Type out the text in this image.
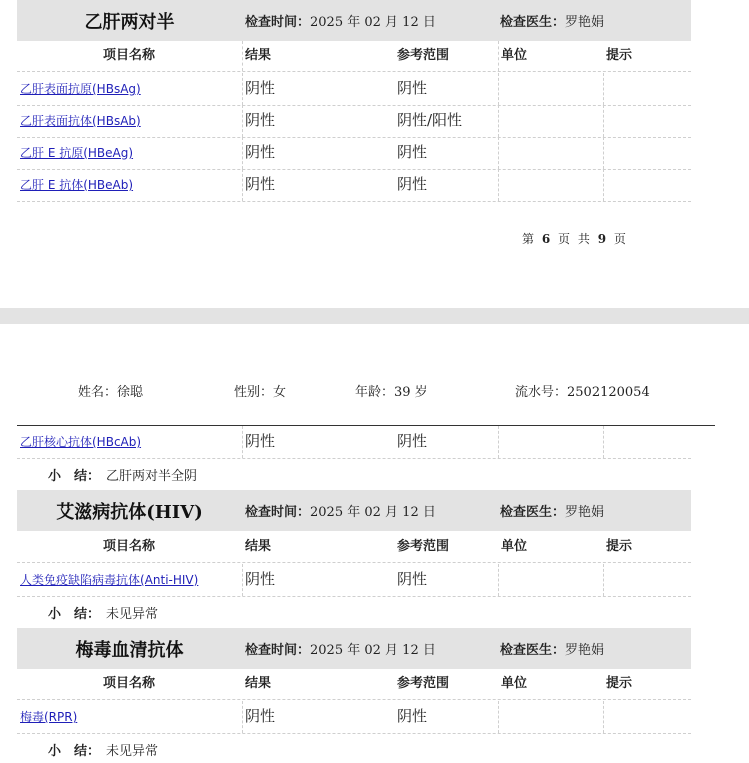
乙肝两对半	检查时间： 2025 年 02 月 12 日	检查医生： 罗艳娟
项目名称	结果	参考范围	单位	提示
乙肝表面抗原(HBsAg)	阴性	阴性
乙肝表面抗体(HBsAb)	阴性	阴性/阳性
乙肝 E 抗原(HBeAg)	阴性	阴性
乙肝 E 抗体(HBeAb)	阴性	阴性
第 6 页 共 9 页
姓名：徐聪	性别：女	年龄：39 岁	流水号：2502120054
乙肝核心抗体(HBcAb)	阴性	阴性
小　结： 乙肝两对半全阴
艾滋病抗体(HIV)	检查时间： 2025 年 02 月 12 日	检查医生： 罗艳娟
项目名称	结果	参考范围	单位	提示
人类免疫缺陷病毒抗体(Anti-HIV)	阴性	阴性
小　结： 未见异常
梅毒血清抗体	检查时间： 2025 年 02 月 12 日	检查医生： 罗艳娟
项目名称	结果	参考范围	单位	提示
梅毒(RPR)	阴性	阴性
小　结： 未见异常
